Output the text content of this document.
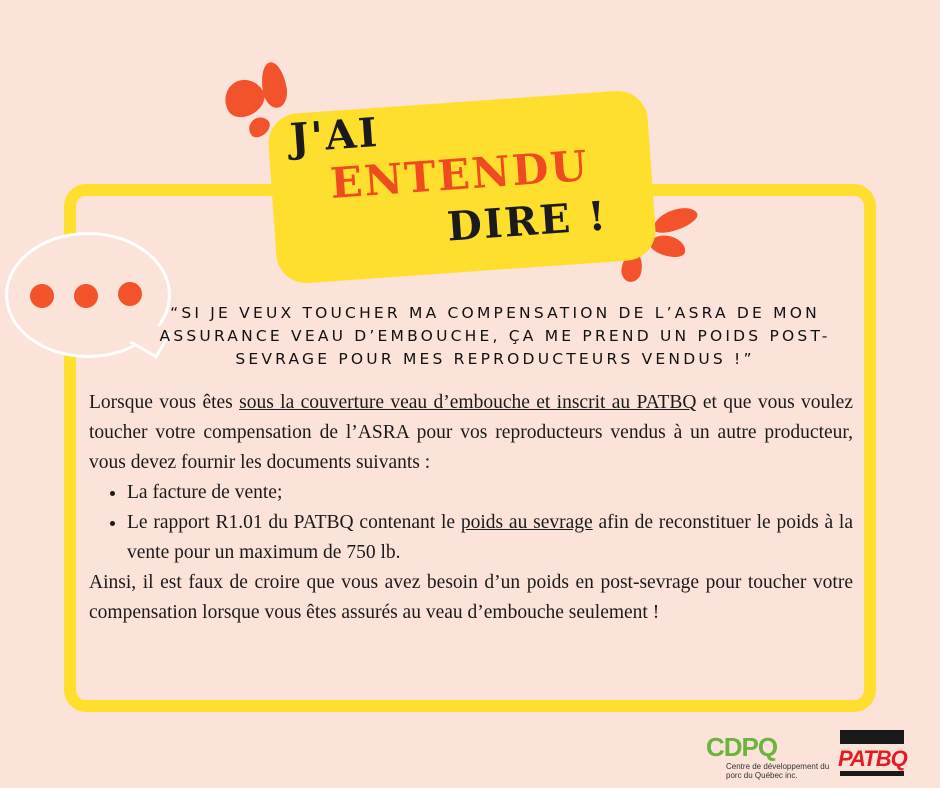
J'AI
ENTENDU
DIRE !
“SI JE VEUX TOUCHER MA COMPENSATION DE L’ASRA DE MON ASSURANCE VEAU D’EMBOUCHE, ÇA ME PREND UN POIDS POST-SEVRAGE POUR MES REPRODUCTEURS VENDUS !”

Lorsque vous êtes sous la couverture veau d’embouche et inscrit au PATBQ et que vous voulez toucher votre compensation de l’ASRA pour vos reproducteurs vendus à un autre producteur, vous devez fournir les documents suivants :

• La facture de vente;
• Le rapport R1.01 du PATBQ contenant le poids au sevrage afin de reconstituer le poids à la vente pour un maximum de 750 lb.

Ainsi, il est faux de croire que vous avez besoin d’un poids en post-sevrage pour toucher votre compensation lorsque vous êtes assurés au veau d’embouche seulement !

CDPQ
Centre de développement du porc du Québec inc.
PATBQ
